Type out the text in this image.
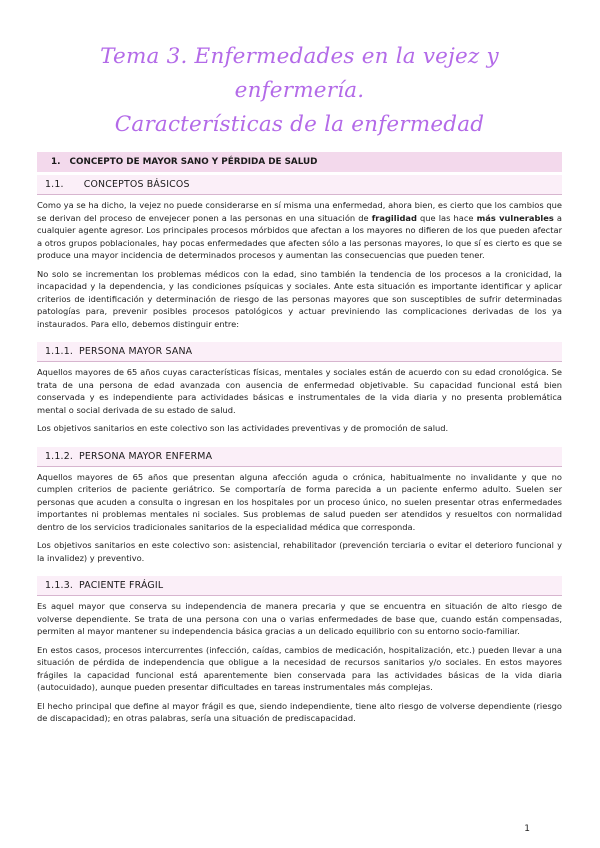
Tema 3. Enfermedades en la vejez y enfermería.
Características de la enfermedad
1. CONCEPTO DE MAYOR SANO Y PÉRDIDA DE SALUD
1.1. CONCEPTOS BÁSICOS

Como ya se ha dicho, la vejez no puede considerarse en sí misma una enfermedad, ahora bien, es cierto que los cambios que se derivan del proceso de envejecer ponen a las personas en una situación de fragilidad que las hace más vulnerables a cualquier agente agresor. Los principales procesos mórbidos que afectan a los mayores no difieren de los que pueden afectar a otros grupos poblacionales, hay pocas enfermedades que afecten sólo a las personas mayores, lo que sí es cierto es que se produce una mayor incidencia de determinados procesos y aumentan las consecuencias que pueden tener.

No solo se incrementan los problemas médicos con la edad, sino también la tendencia de los procesos a la cronicidad, la incapacidad y la dependencia, y las condiciones psíquicas y sociales. Ante esta situación es importante identificar y aplicar criterios de identificación y determinación de riesgo de las personas mayores que son susceptibles de sufrir determinadas patologías para, prevenir posibles procesos patológicos y actuar previniendo las complicaciones derivadas de los ya instaurados. Para ello, debemos distinguir entre:

1.1.1. PERSONA MAYOR SANA

Aquellos mayores de 65 años cuyas características físicas, mentales y sociales están de acuerdo con su edad cronológica. Se trata de una persona de edad avanzada con ausencia de enfermedad objetivable. Su capacidad funcional está bien conservada y es independiente para actividades básicas e instrumentales de la vida diaria y no presenta problemática mental o social derivada de su estado de salud.

Los objetivos sanitarios en este colectivo son las actividades preventivas y de promoción de salud.

1.1.2. PERSONA MAYOR ENFERMA

Aquellos mayores de 65 años que presentan alguna afección aguda o crónica, habitualmente no invalidante y que no cumplen criterios de paciente geriátrico. Se comportaría de forma parecida a un paciente enfermo adulto. Suelen ser personas que acuden a consulta o ingresan en los hospitales por un proceso único, no suelen presentar otras enfermedades importantes ni problemas mentales ni sociales. Sus problemas de salud pueden ser atendidos y resueltos con normalidad dentro de los servicios tradicionales sanitarios de la especialidad médica que corresponda.

Los objetivos sanitarios en este colectivo son: asistencial, rehabilitador (prevención terciaria o evitar el deterioro funcional y la invalidez) y preventivo.

1.1.3. PACIENTE FRÁGIL

Es aquel mayor que conserva su independencia de manera precaria y que se encuentra en situación de alto riesgo de volverse dependiente. Se trata de una persona con una o varias enfermedades de base que, cuando están compensadas, permiten al mayor mantener su independencia básica gracias a un delicado equilibrio con su entorno socio-familiar.

En estos casos, procesos intercurrentes (infección, caídas, cambios de medicación, hospitalización, etc.) pueden llevar a una situación de pérdida de independencia que obligue a la necesidad de recursos sanitarios y/o sociales. En estos mayores frágiles la capacidad funcional está aparentemente bien conservada para las actividades básicas de la vida diaria (autocuidado), aunque pueden presentar dificultades en tareas instrumentales más complejas.

El hecho principal que define al mayor frágil es que, siendo independiente, tiene alto riesgo de volverse dependiente (riesgo de discapacidad); en otras palabras, sería una situación de prediscapacidad.

1
